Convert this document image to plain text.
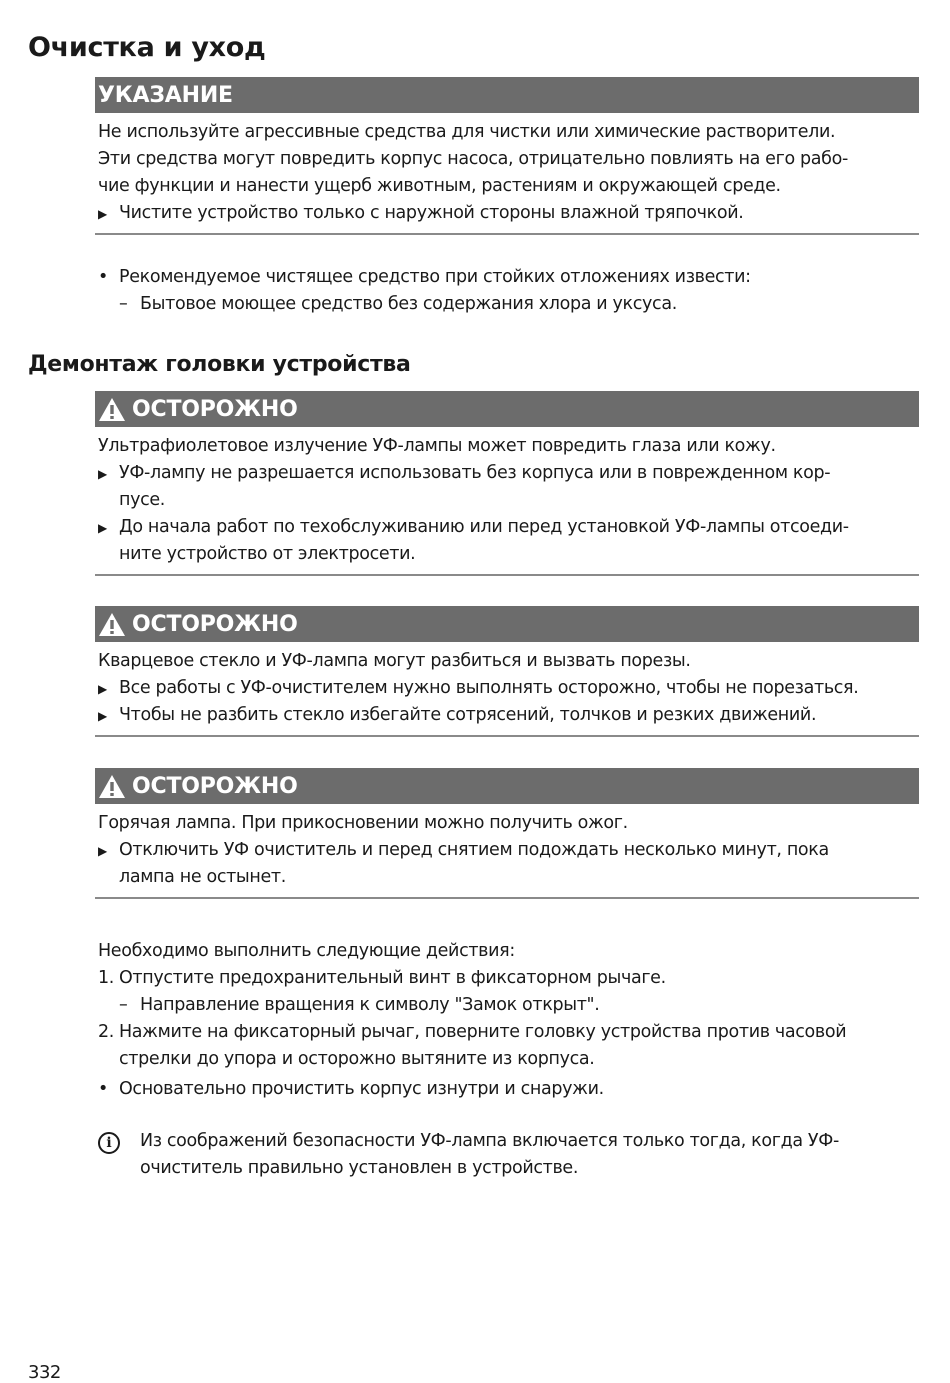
Очистка и уход
УКАЗАНИЕ
Не используйте агрессивные средства для чистки или химические растворители.
Эти средства могут повредить корпус насоса, отрицательно повлиять на его рабо-
чие функции и нанести ущерб животным, растениям и окружающей среде.
▶ Чистите устройство только с наружной стороны влажной тряпочкой.
• Рекомендуемое чистящее средство при стойких отложениях извести:
– Бытовое моющее средство без содержания хлора и уксуса.
Демонтаж головки устройства
ОСТОРОЖНО
Ультрафиолетовое излучение УФ-лампы может повредить глаза или кожу.
▶ УФ-лампу не разрешается использовать без корпуса или в поврежденном кор-
пусе.
▶ До начала работ по техобслуживанию или перед установкой УФ-лампы отсоеди-
ните устройство от электросети.
ОСТОРОЖНО
Кварцевое стекло и УФ-лампа могут разбиться и вызвать порезы.
▶ Все работы с УФ-очистителем нужно выполнять осторожно, чтобы не порезаться.
▶ Чтобы не разбить стекло избегайте сотрясений, толчков и резких движений.
ОСТОРОЖНО
Горячая лампа. При прикосновении можно получить ожог.
▶ Отключить УФ очиститель и перед снятием подождать несколько минут, пока
лампа не остынет.
Необходимо выполнить следующие действия:
1. Отпустите предохранительный винт в фиксаторном рычаге.
– Направление вращения к символу "Замок открыт".
2. Нажмите на фиксаторный рычаг, поверните головку устройства против часовой
стрелки до упора и осторожно вытяните из корпуса.
• Основательно прочистить корпус изнутри и снаружи.
i	Из соображений безопасности УФ-лампа включается только тогда, когда УФ-
очиститель правильно установлен в устройстве.
332
